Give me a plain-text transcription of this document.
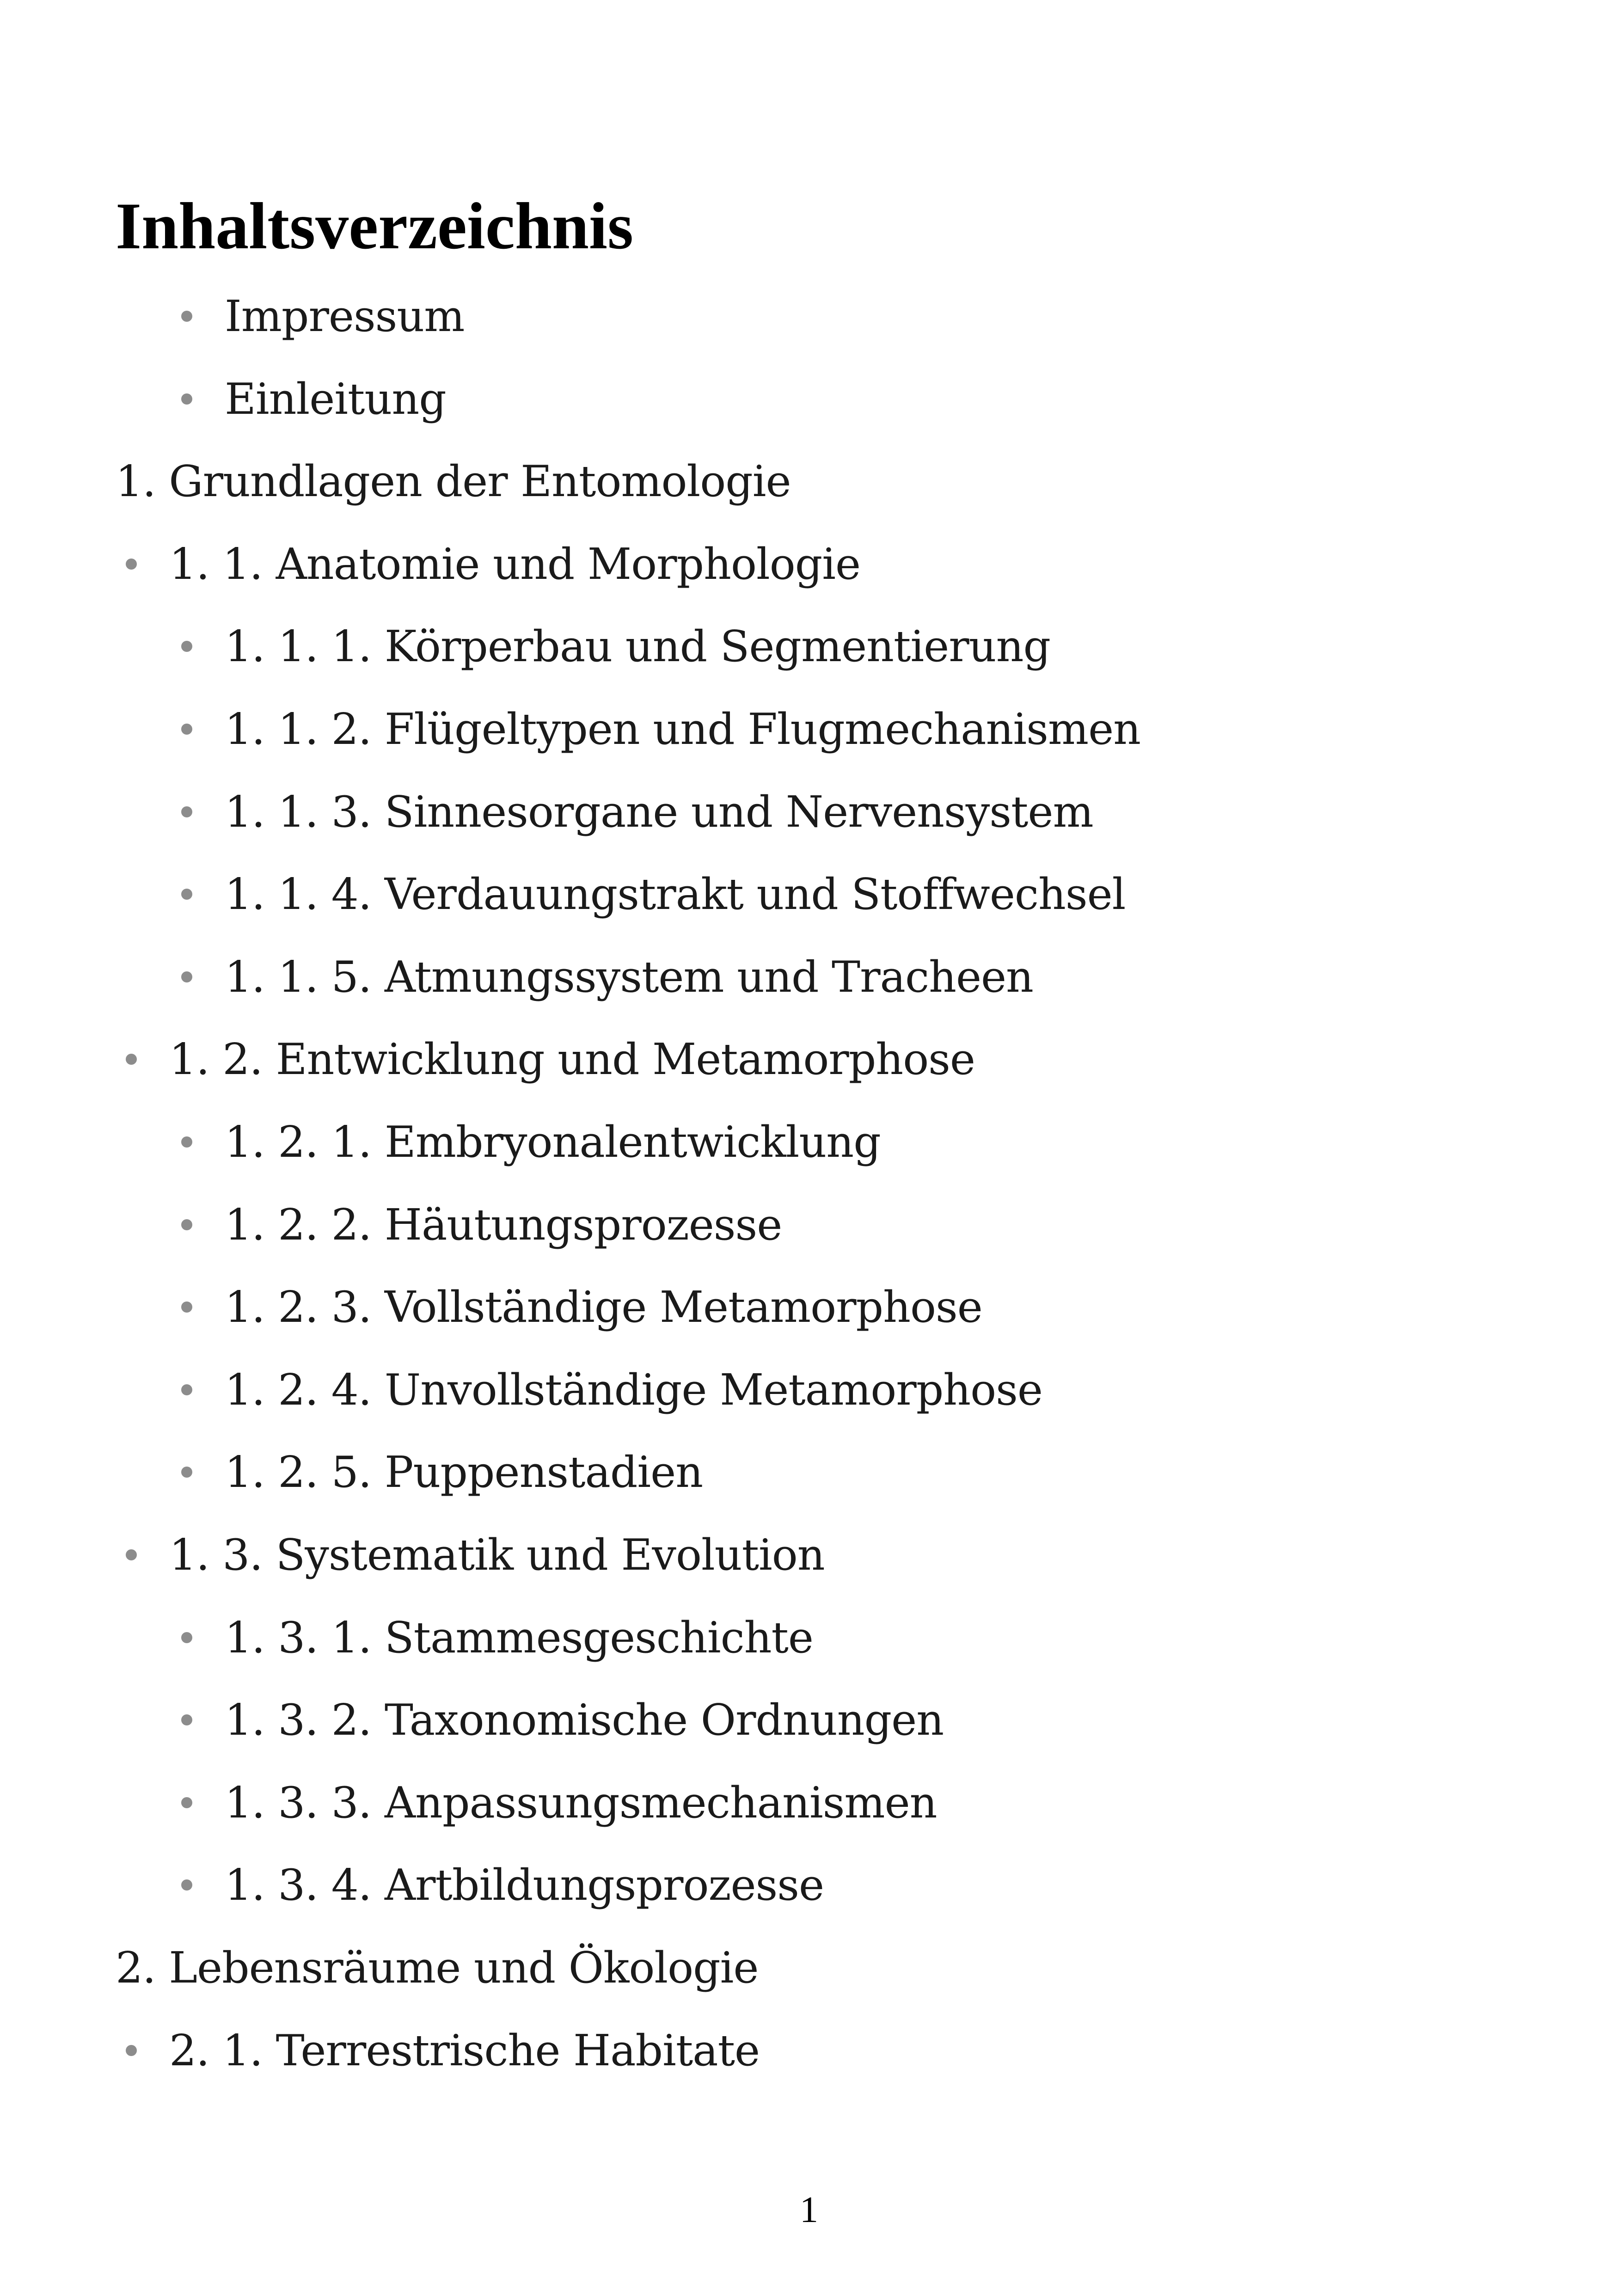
Inhaltsverzeichnis
Impressum
Einleitung
1. Grundlagen der Entomologie
1. 1. Anatomie und Morphologie
1. 1. 1. Körperbau und Segmentierung
1. 1. 2. Flügeltypen und Flugmechanismen
1. 1. 3. Sinnesorgane und Nervensystem
1. 1. 4. Verdauungstrakt und Stoffwechsel
1. 1. 5. Atmungssystem und Tracheen
1. 2. Entwicklung und Metamorphose
1. 2. 1. Embryonalentwicklung
1. 2. 2. Häutungsprozesse
1. 2. 3. Vollständige Metamorphose
1. 2. 4. Unvollständige Metamorphose
1. 2. 5. Puppenstadien
1. 3. Systematik und Evolution
1. 3. 1. Stammesgeschichte
1. 3. 2. Taxonomische Ordnungen
1. 3. 3. Anpassungsmechanismen
1. 3. 4. Artbildungsprozesse
2. Lebensräume und Ökologie
2. 1. Terrestrische Habitate
1
